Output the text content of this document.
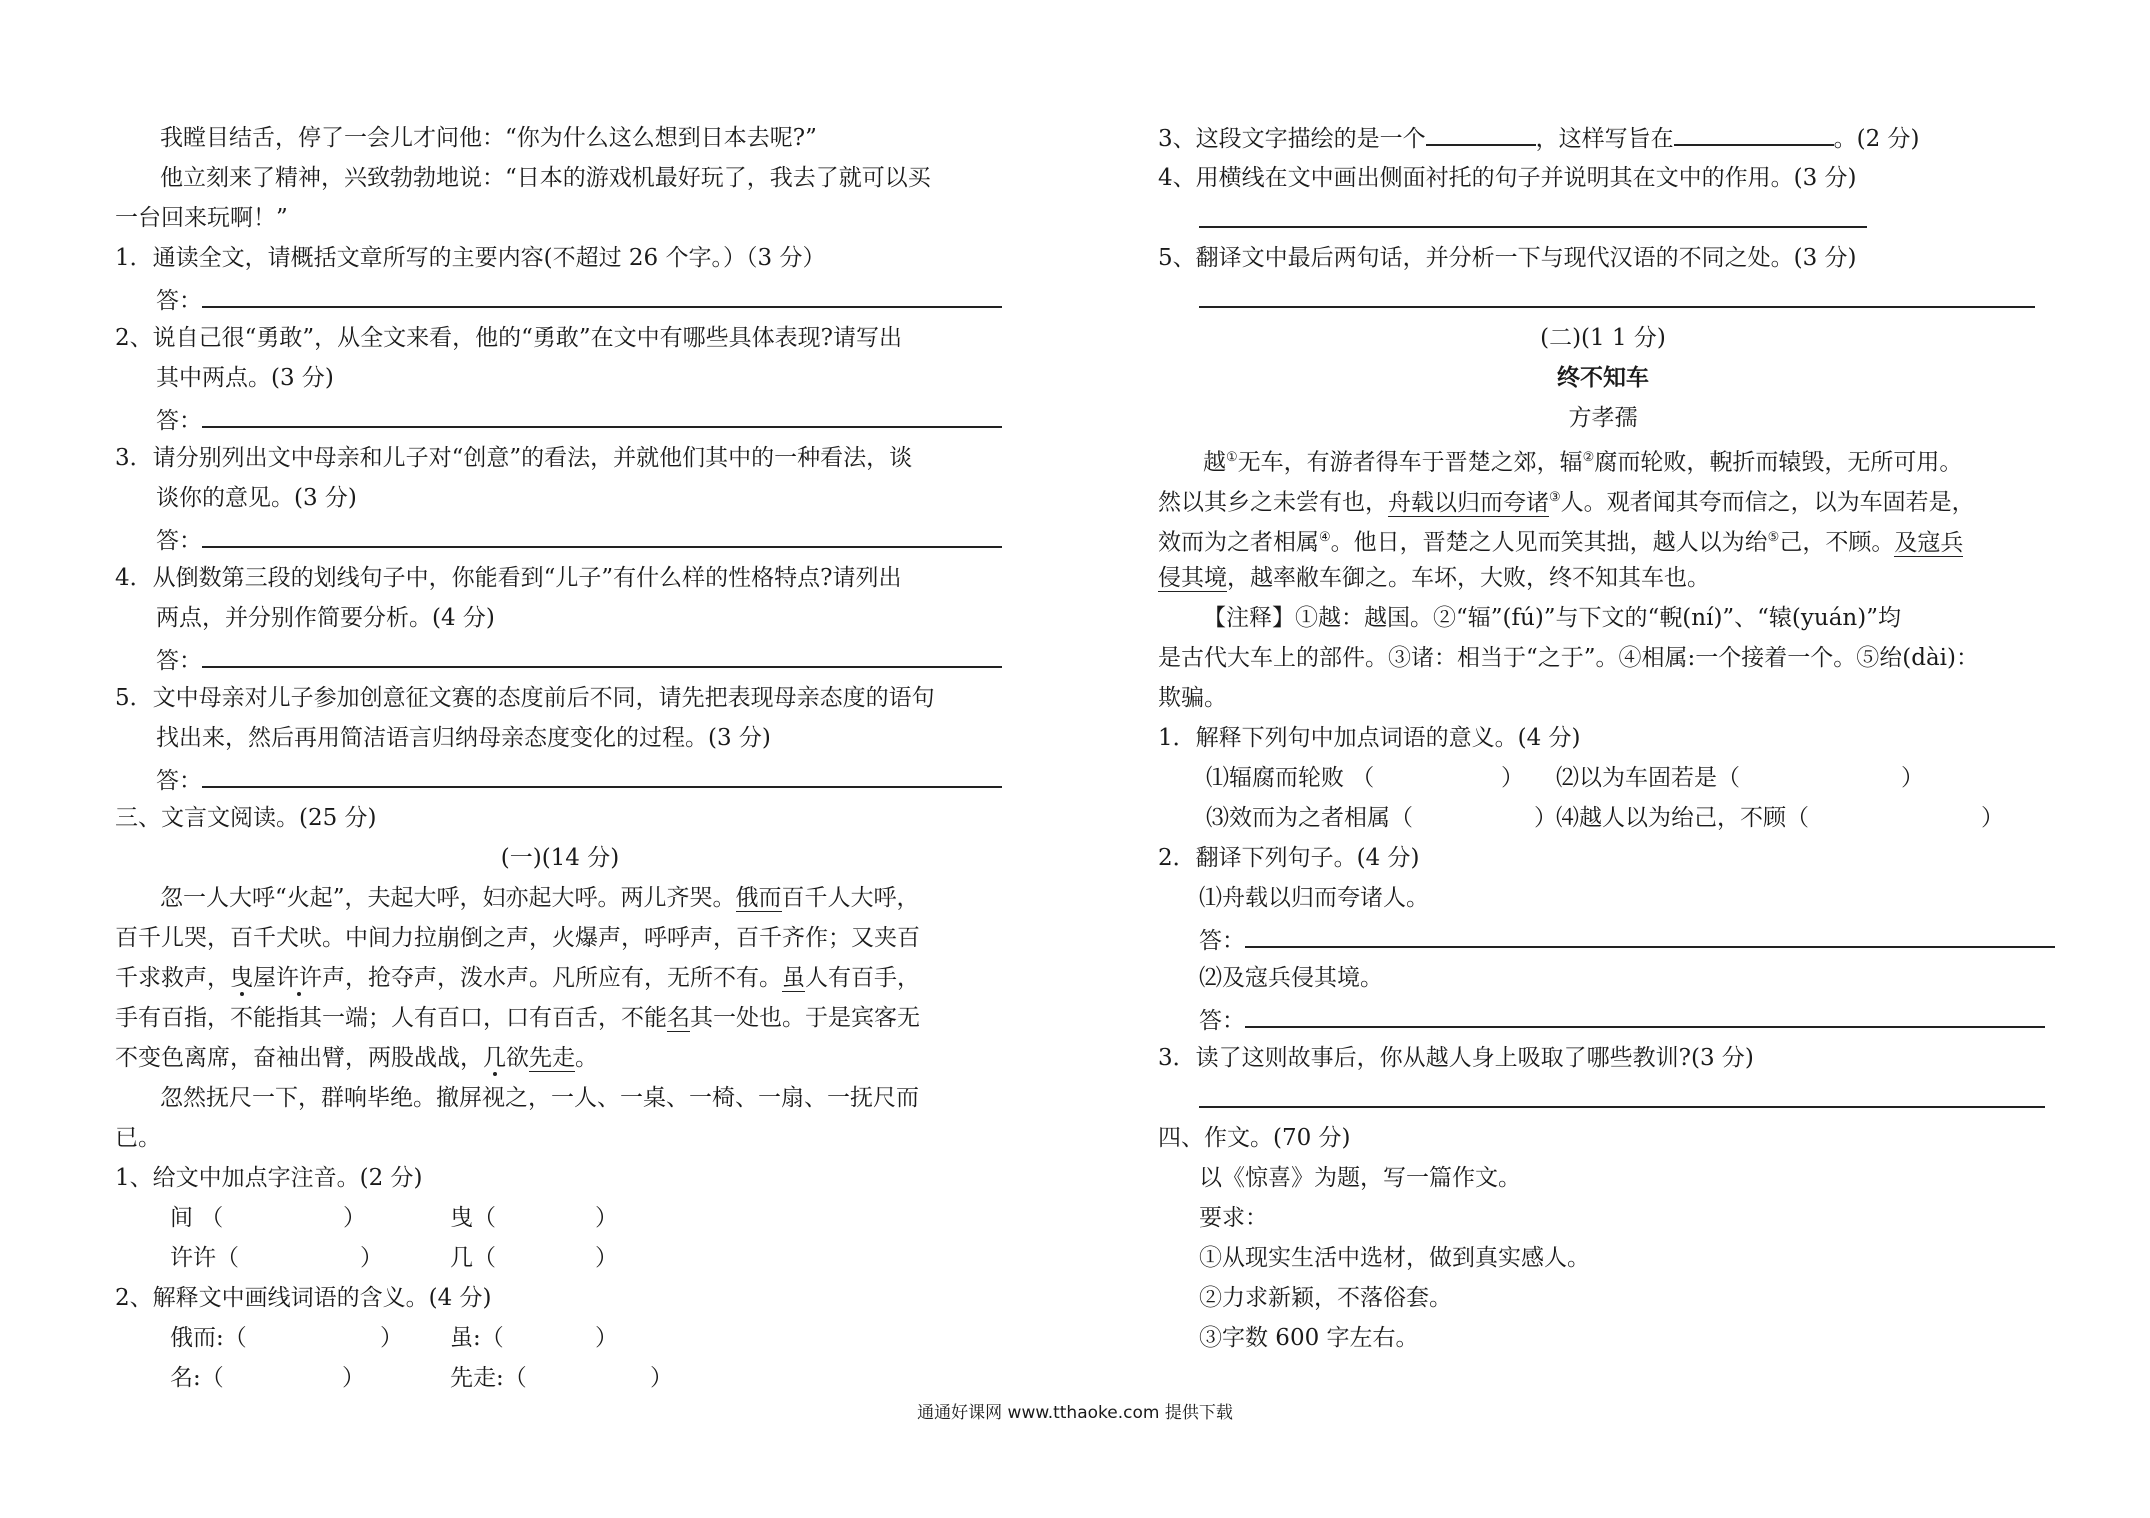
我瞠目结舌，停了一会儿才问他：“你为什么这么想到日本去呢?”
他立刻来了精神，兴致勃勃地说：“日本的游戏机最好玩了，我去了就可以买
一台回来玩啊！”
1．通读全文，请概括文章所写的主要内容(不超过 26 个字。）（3 分）
答：
2、说自己很“勇敢”，从全文来看，他的“勇敢”在文中有哪些具体表现?请写出
其中两点。(3 分)
答：
3．请分别列出文中母亲和儿子对“创意”的看法，并就他们其中的一种看法，谈
谈你的意见。(3 分)
答：
4．从倒数第三段的划线句子中，你能看到“儿子”有什么样的性格特点?请列出
两点，并分别作简要分析。(4 分)
答：
5．文中母亲对儿子参加创意征文赛的态度前后不同，请先把表现母亲态度的语句
找出来，然后再用简洁语言归纳母亲态度变化的过程。(3 分)
答：
三、文言文阅读。(25 分)
(一)(14 分)
忽一人大呼“火起”，夫起大呼，妇亦起大呼。两儿齐哭。俄而百千人大呼，
百千儿哭，百千犬吠。中间力拉崩倒之声，火爆声，呼呼声，百千齐作；又夹百
千求救声，曳屋许许声，抢夺声，泼水声。凡所应有，无所不有。虽人有百手，
手有百指，不能指其一端；人有百口，口有百舌，不能名其一处也。于是宾客无
不变色离席，奋袖出臂，两股战战，几欲先走。
忽然抚尺一下，群响毕绝。撤屏视之，一人、一桌、一椅、一扇、一抚尺而
已。
1、给文中加点字注音。(2 分)
间 （	）	曳（	）
许许（	）	几（	）
2、解释文中画线词语的含义。(4 分)
俄而:（	）	虽:（	）
名:（	）	先走:（	）
3、这段文字描绘的是一个	，这样写旨在	。(2 分)
4、用横线在文中画出侧面衬托的句子并说明其在文中的作用。(3 分)
5、翻译文中最后两句话，并分析一下与现代汉语的不同之处。(3 分)
(二)(1 1 分)
终不知车
方孝孺
越①无车，有游者得车于晋楚之郊，辐②腐而轮败，輗折而辕毁，无所可用。
然以其乡之未尝有也，舟载以归而夸诸③人。观者闻其夸而信之，以为车固若是，
效而为之者相属④。他日，晋楚之人见而笑其拙，越人以为绐⑤己，不顾。及寇兵
侵其境，越率敝车御之。车坏，大败，终不知其车也。
【注释】①越：越国。②“辐”(fú)”与下文的“輗(ní)”、“辕(yuán)”均
是古代大车上的部件。③诸：相当于“之于”。④相属:一个接着一个。⑤绐(dài)：
欺骗。
1．解释下列句中加点词语的意义。(4 分)
⑴辐腐而轮败 （	）	⑵以为车固若是（	）
⑶效而为之者相属（	） ⑷越人以为绐己，不顾（	）
2．翻译下列句子。(4 分)
⑴舟载以归而夸诸人。
答：
⑵及寇兵侵其境。
答：
3．读了这则故事后，你从越人身上吸取了哪些教训?(3 分)
四、作文。(70 分)
以《惊喜》为题，写一篇作文。
要求：
①从现实生活中选材，做到真实感人。
②力求新颖，不落俗套。
③字数 600 字左右。
通通好课网 www.tthaoke.com 提供下载
